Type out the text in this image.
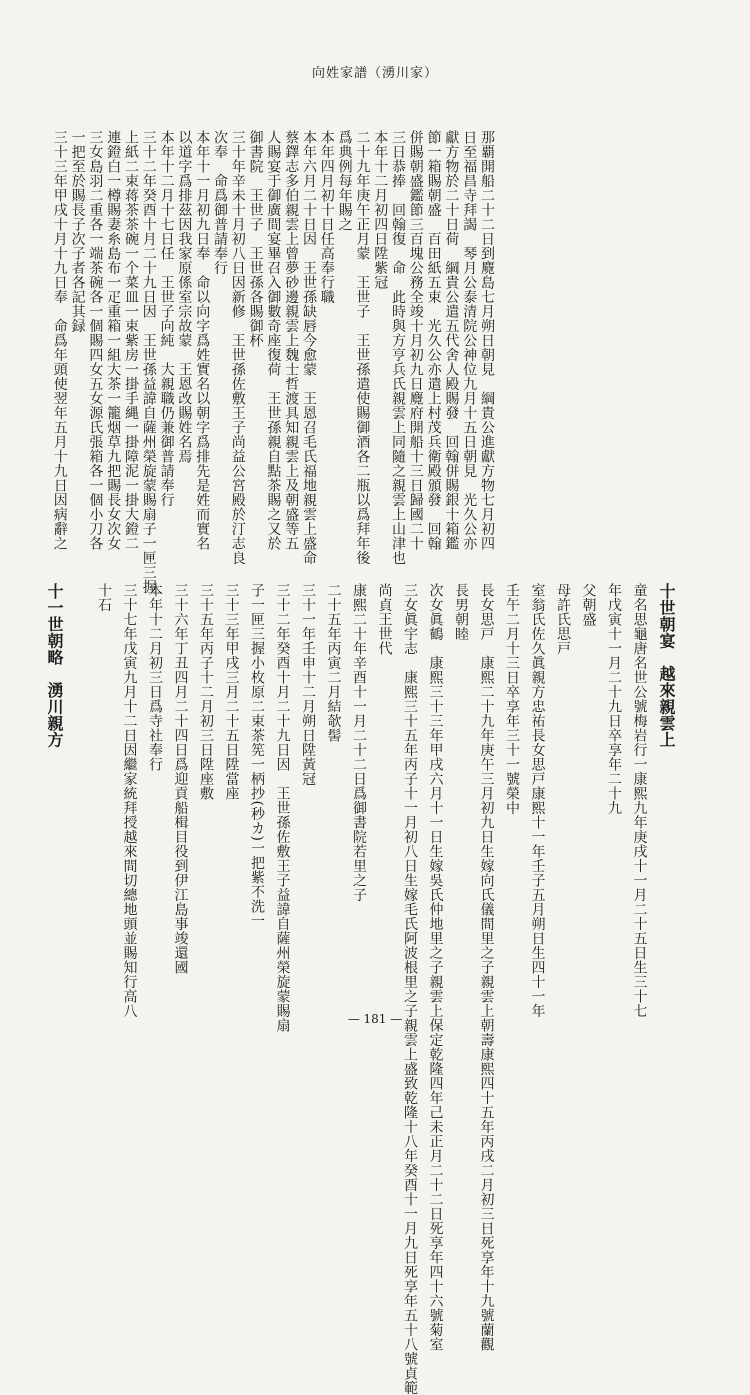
向姓家譜（湧川家）
那覇開船二十二日到麑島七月朔日朝見　綱貴公進獻方物七月初四
日至福昌寺拜謁　琴月公泰清院公神位九月十五日朝見　光久公亦
獻方物於二十日荷　綱貴公遣五代舍人殿賜發　回翰併賜銀十箱鑑
節一箱賜朝盛　百田紙五束　光久公亦遣上村茂兵衛殿頒發　回翰
併賜朝盛鑑節三百塊公務全竣十月初九日麑府開船十三日歸國二十
三日恭捧　回翰復　命　此時與方亨兵氏親雲上同隨之親雲上山津也
本年十二月初四日陞紫冠
二十九年庚午正月蒙　王世子　王世孫遣使賜御酒各二瓶以爲拜年後
爲典例每年賜之
本年四月初十日任高奉行職
本年六月二十日因　王世孫缺唇今愈蒙　王恩召毛氏福地親雲上盛命
蔡鐸志多伯親雲上曾夢砂邊親雲上魏士哲渡具知親雲上及朝盛等五
人賜宴于御廣間宴畢召入御數奇座復荷　王世孫親自點茶賜之又於
御書院　王世子　王世孫各賜御杯
三十年辛未十月初八日因新修　王世孫佐敷王子尚益公宮殿於汀志良
次奉　命爲御普請奉行
本年十一月初九日奉　命以向字爲姓實名以朝字爲排先是姓而實名
以道字爲排茲因我家原係室宗故蒙　王恩改賜姓名焉
本年十二月十七日任　王世子向純　大親職仍兼御普請奉行
三十二年癸酉十月二十九日因　王世孫益諱自薩州榮旋蒙賜扇子一匣三握
上紙二束蒋茶茶碗一个菜皿一束紫房一掛手縄一掛障泥一掛大鐙二
連鐙白一樽賜妻糸島布一疋重箱一組大茶一籠烟草九把賜長女次女
三女島羽二重各一端茶碗各一個賜四女五女源氏張箱各一個小刀各
一把至於賜長子次子者各記其録
三十三年甲戌十月十九日奉　命爲年頭使翌年五月十九日因病辭之
十世朝宴　越來親雲上
童名思龜唐名世公號梅岩行一康熙九年庚戌十一月二十五日生三十七
年戊寅十一月二十九日卒享年二十九
父朝盛
母許氏思戸
室翁氏佐久眞親方忠祐長女思戸康熙十一年壬子五月朔日生四十一年
壬午二月十三日卒享年三十一號榮中
長女思戸　康熙二十九年庚午三月初九日生嫁向氏儀間里之子親雲上朝壽康熙四十五年丙戌二月初三日死享年十九號蘭觀
長男朝睦
次女眞鶴　康熙三十三年甲戌六月十一日生嫁吳氏仲地里之子親雲上保定乾隆四年己未正月二十二日死享年四十六號菊室
三女眞宇志　康熙三十五年丙子十一月初八日生嫁毛氏阿波根里之子親雲上盛致乾隆十八年癸酉十一月九日死享年五十八號貞範
尚貞王世代
康熙二十年辛酉十一月二十二日爲御書院若里之子
二十五年丙寅二月結欹髻
三十一年壬申十二月朔日陞黃冠
三十二年癸酉十月二十九日因　王世孫佐敷王子益諱自薩州榮旋蒙賜扇
子一匣三握小枚原二束茶筅一柄抄(秒カ)一把紫不洗一
三十三年甲戌三月二十五日陞當座
三十五年丙子十二月初三日陞座敷
三十六年丁丑四月二十四日爲迎貢船楫目役到伊江島事竣還國
本年十二月初三日爲寺社奉行
三十七年戊寅九月十二日因繼家統拜授越來間切總地頭並賜知行高八
十石
十一世朝略　湧川親方
— 181 —
